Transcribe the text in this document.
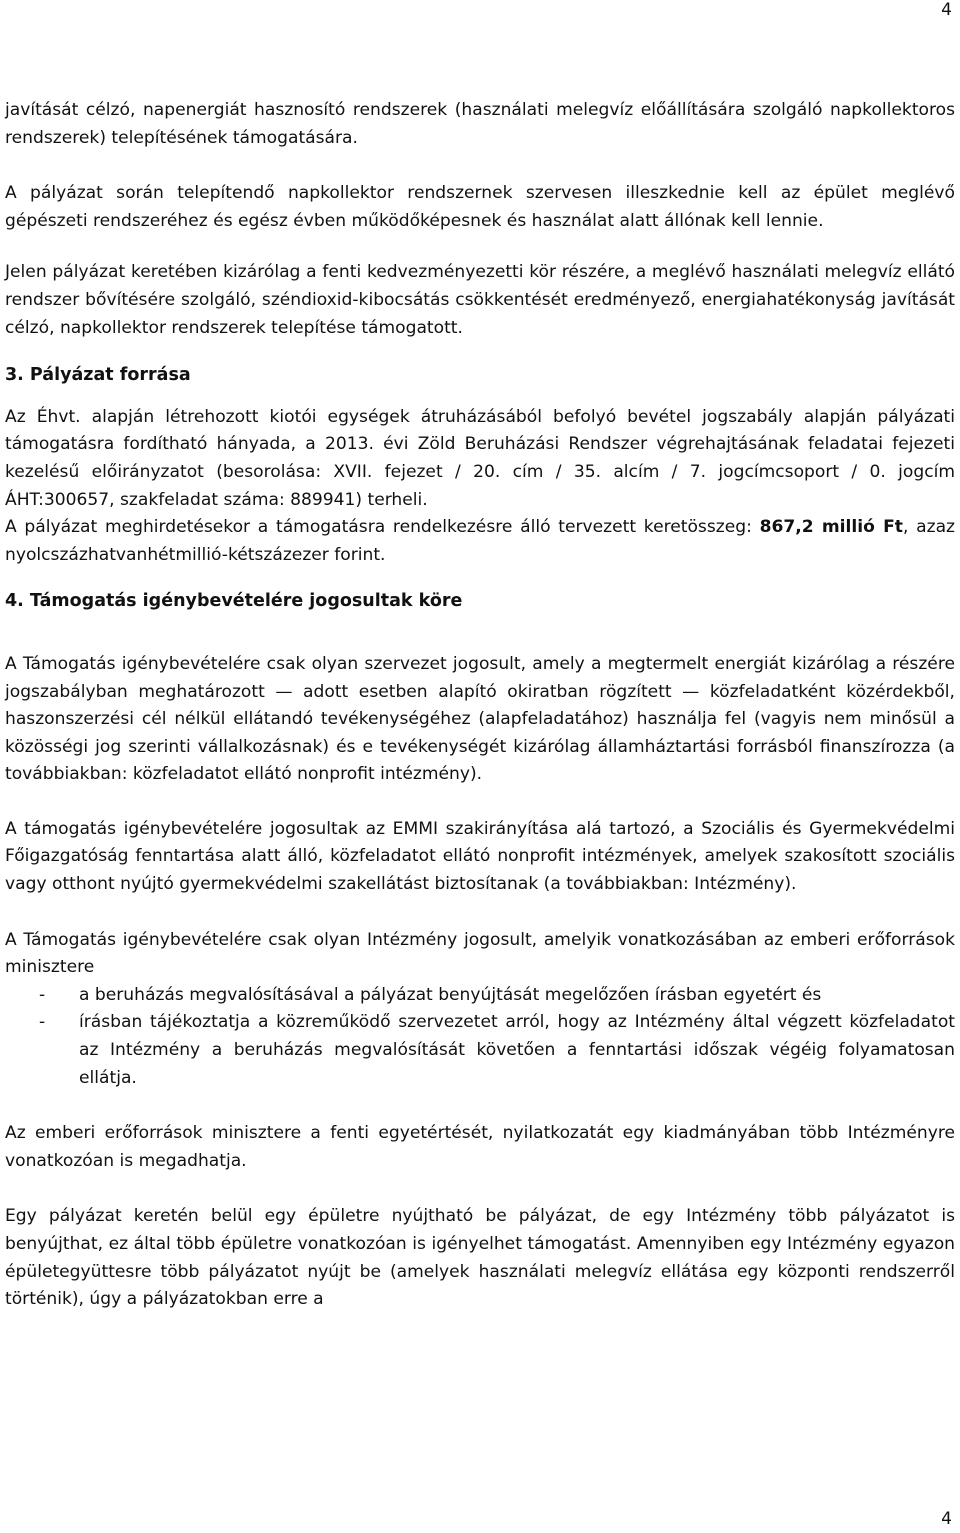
4

javítását célzó, napenergiát hasznosító rendszerek (használati melegvíz előállítására szolgáló napkollektoros rendszerek) telepítésének támogatására.

A pályázat során telepítendő napkollektor rendszernek szervesen illeszkednie kell az épület meglévő gépészeti rendszeréhez és egész évben működőképesnek és használat alatt állónak kell lennie.

Jelen pályázat keretében kizárólag a fenti kedvezményezetti kör részére, a meglévő használati melegvíz ellátó rendszer bővítésére szolgáló, széndioxid-kibocsátás csökkentését eredményező, energiahatékonyság javítását célzó, napkollektor rendszerek telepítése támogatott.

3. Pályázat forrása

Az Éhvt. alapján létrehozott kiotói egységek átruházásából befolyó bevétel jogszabály alapján pályázati támogatásra fordítható hányada, a 2013. évi Zöld Beruházási Rendszer végrehajtásának feladatai fejezeti kezelésű előirányzatot (besorolása: XVII. fejezet / 20. cím / 35. alcím / 7. jogcímcsoport / 0. jogcím ÁHT:300657, szakfeladat száma: 889941) terheli.

A pályázat meghirdetésekor a támogatásra rendelkezésre álló tervezett keretösszeg: 867,2 millió Ft, azaz nyolcszázhatvanhétmillió-kétszázezer forint.

4. Támogatás igénybevételére jogosultak köre

A Támogatás igénybevételére csak olyan szervezet jogosult, amely a megtermelt energiát kizárólag a részére jogszabályban meghatározott — adott esetben alapító okiratban rögzített — közfeladatként közérdekből, haszonszerzési cél nélkül ellátandó tevékenységéhez (alapfeladatához) használja fel (vagyis nem minősül a közösségi jog szerinti vállalkozásnak) és e tevékenységét kizárólag államháztartási forrásból finanszírozza (a továbbiakban: közfeladatot ellátó nonprofit intézmény).

A támogatás igénybevételére jogosultak az EMMI szakirányítása alá tartozó, a Szociális és Gyermekvédelmi Főigazgatóság fenntartása alatt álló, közfeladatot ellátó nonprofit intézmények, amelyek szakosított szociális vagy otthont nyújtó gyermekvédelmi szakellátást biztosítanak (a továbbiakban: Intézmény).

A Támogatás igénybevételére csak olyan Intézmény jogosult, amelyik vonatkozásában az emberi erőforrások minisztere

- a beruházás megvalósításával a pályázat benyújtását megelőzően írásban egyetért és
- írásban tájékoztatja a közreműködő szervezetet arról, hogy az Intézmény által végzett közfeladatot az Intézmény a beruházás megvalósítását követően a fenntartási időszak végéig folyamatosan ellátja.

Az emberi erőforrások minisztere a fenti egyetértését, nyilatkozatát egy kiadmányában több Intézményre vonatkozóan is megadhatja.

Egy pályázat keretén belül egy épületre nyújtható be pályázat, de egy Intézmény több pályázatot is benyújthat, ez által több épületre vonatkozóan is igényelhet támogatást. Amennyiben egy Intézmény egyazon épületegyüttesre több pályázatot nyújt be (amelyek használati melegvíz ellátása egy központi rendszerről történik), úgy a pályázatokban erre a

4
